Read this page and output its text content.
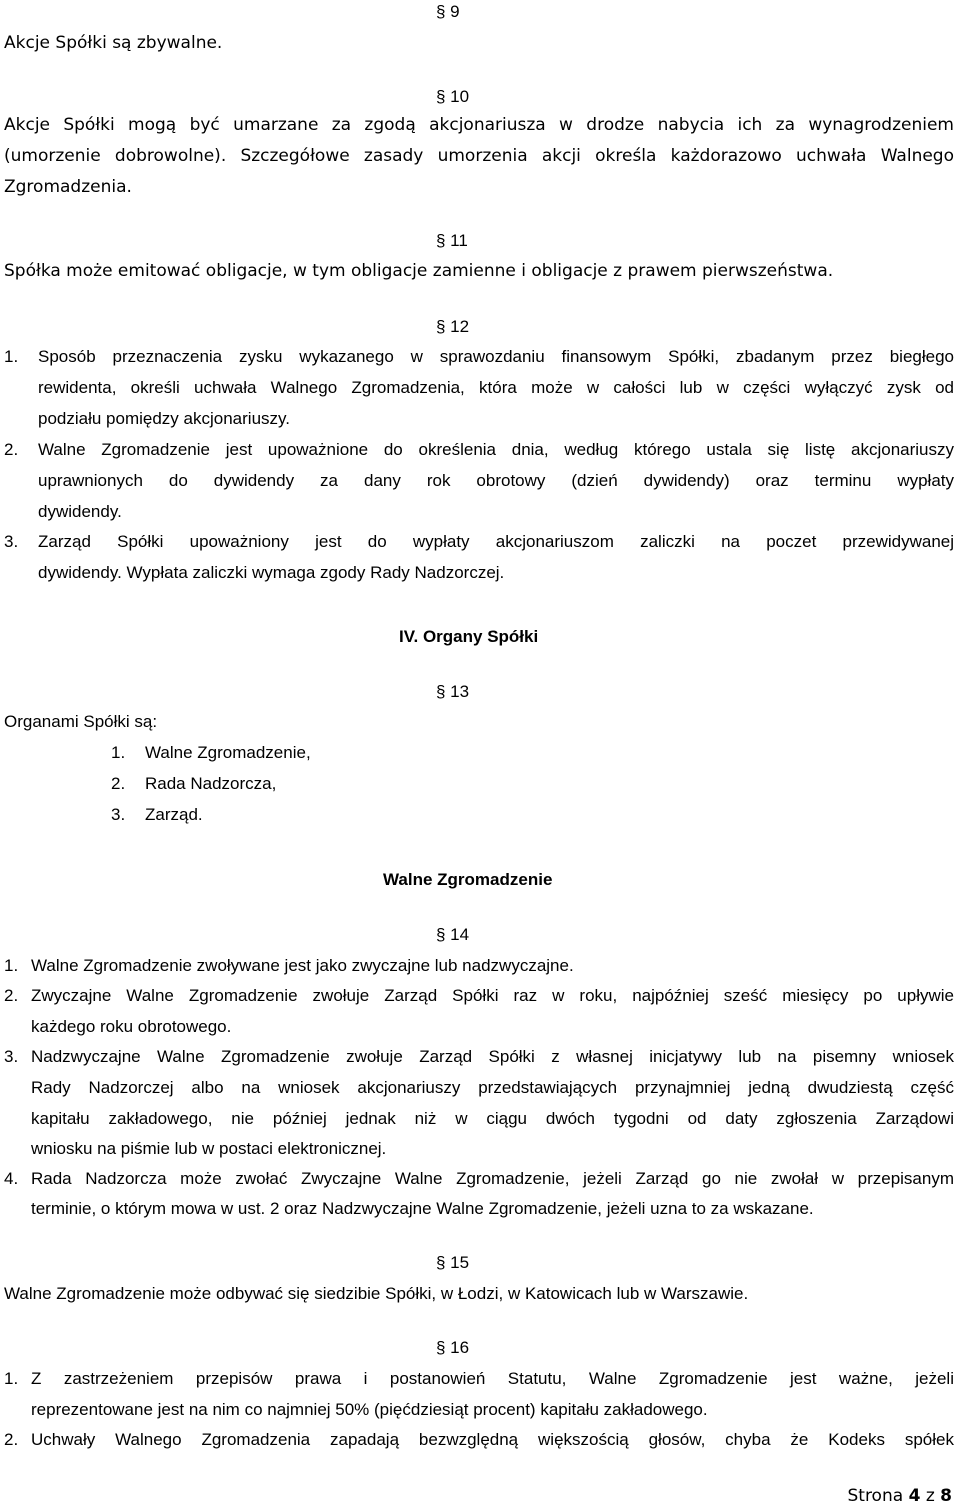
§ 9
Akcje Spółki są zbywalne.
§ 10
Akcje Spółki mogą być umarzane za zgodą akcjonariusza w drodze nabycia ich za wynagrodzeniem
(umorzenie dobrowolne). Szczegółowe zasady umorzenia akcji określa każdorazowo uchwała Walnego
Zgromadzenia.
§ 11
Spółka może emitować obligacje, w tym obligacje zamienne i obligacje z prawem pierwszeństwa.
§ 12
1. Sposób przeznaczenia zysku wykazanego w sprawozdaniu finansowym Spółki, zbadanym przez biegłego
rewidenta, określi uchwała Walnego Zgromadzenia, która może w całości lub w części wyłączyć zysk od
podziału pomiędzy akcjonariuszy.
2. Walne Zgromadzenie jest upoważnione do określenia dnia, według którego ustala się listę akcjonariuszy
uprawnionych do dywidendy za dany rok obrotowy (dzień dywidendy) oraz terminu wypłaty
dywidendy.
3. Zarząd Spółki upoważniony jest do wypłaty akcjonariuszom zaliczki na poczet przewidywanej
dywidendy. Wypłata zaliczki wymaga zgody Rady Nadzorczej.
IV. Organy Spółki
§ 13
Organami Spółki są:
1. Walne Zgromadzenie,
2. Rada Nadzorcza,
3. Zarząd.
Walne Zgromadzenie
§ 14
1. Walne Zgromadzenie zwoływane jest jako zwyczajne lub nadzwyczajne.
2. Zwyczajne Walne Zgromadzenie zwołuje Zarząd Spółki raz w roku, najpóźniej sześć miesięcy po upływie
każdego roku obrotowego.
3. Nadzwyczajne Walne Zgromadzenie zwołuje Zarząd Spółki z własnej inicjatywy lub na pisemny wniosek
Rady Nadzorczej albo na wniosek akcjonariuszy przedstawiających przynajmniej jedną dwudziestą część
kapitału zakładowego, nie później jednak niż w ciągu dwóch tygodni od daty zgłoszenia Zarządowi
wniosku na piśmie lub w postaci elektronicznej.
4. Rada Nadzorcza może zwołać Zwyczajne Walne Zgromadzenie, jeżeli Zarząd go nie zwołał w przepisanym
terminie, o którym mowa w ust. 2 oraz Nadzwyczajne Walne Zgromadzenie, jeżeli uzna to za wskazane.
§ 15
Walne Zgromadzenie może odbywać się siedzibie Spółki, w Łodzi, w Katowicach lub w Warszawie.
§ 16
1. Z zastrzeżeniem przepisów prawa i postanowień Statutu, Walne Zgromadzenie jest ważne, jeżeli
reprezentowane jest na nim co najmniej 50% (pięćdziesiąt procent) kapitału zakładowego.
2. Uchwały Walnego Zgromadzenia zapadają bezwzględną większością głosów, chyba że Kodeks spółek
Strona 4 z 8
